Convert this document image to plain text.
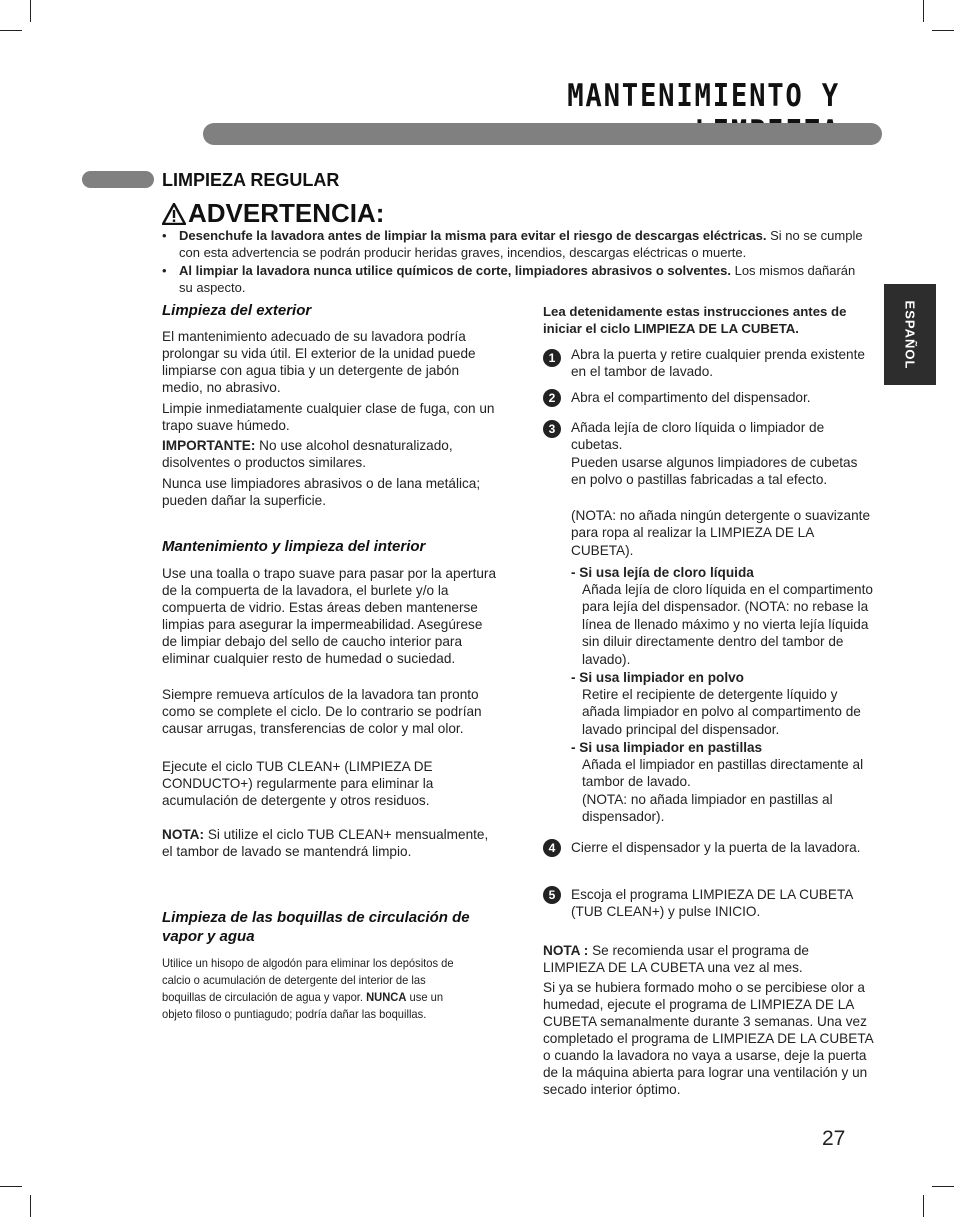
MANTENIMIENTO Y
LIMPIEZA REGULAR
ADVERTENCIA:
• Desenchufe la lavadora antes de limpiar la misma para evitar el riesgo de descargas eléctricas. Si no se cumple con esta advertencia se podrán producir heridas graves, incendios, descargas eléctricas o muerte.
• Al limpiar la lavadora nunca utilice químicos de corte, limpiadores abrasivos o solventes. Los mismos dañarán su aspecto.
ESPAÑOL
Limpieza del exterior
El mantenimiento adecuado de su lavadora podría prolongar su vida útil. El exterior de la unidad puede limpiarse con agua tibia y un detergente de jabón medio, no abrasivo.
Limpie inmediatamente cualquier clase de fuga, con un trapo suave húmedo.
IMPORTANTE: No use alcohol desnaturalizado, disolventes o productos similares.
Nunca use limpiadores abrasivos o de lana metálica; pueden dañar la superficie.
Mantenimiento y limpieza del interior
Use una toalla o trapo suave para pasar por la apertura de la compuerta de la lavadora, el burlete y/o la compuerta de vidrio. Estas áreas deben mantenerse limpias para asegurar la impermeabilidad. Asegúrese de limpiar debajo del sello de caucho interior para eliminar cualquier resto de humedad o suciedad.
Siempre remueva artículos de la lavadora tan pronto como se complete el ciclo. De lo contrario se podrían causar arrugas, transferencias de color y mal olor.
Ejecute el ciclo TUB CLEAN+ (LIMPIEZA DE CONDUCTO+) regularmente para eliminar la acumulación de detergente y otros residuos.
NOTA: Si utilize el ciclo TUB CLEAN+ mensualmente, el tambor de lavado se mantendrá limpio.
Limpieza de las boquillas de circulación de vapor y agua
Utilice un hisopo de algodón para eliminar los depósitos de calcio o acumulación de detergente del interior de las boquillas de circulación de agua y vapor. NUNCA use un objeto filoso o puntiagudo; podría dañar las boquillas.
Lea detenidamente estas instrucciones antes de iniciar el ciclo LIMPIEZA DE LA CUBETA.
1	Abra la puerta y retire cualquier prenda existente en el tambor de lavado.
2	Abra el compartimento del dispensador.
3	Añada lejía de cloro líquida o limpiador de cubetas.
Pueden usarse algunos limpiadores de cubetas en polvo o pastillas fabricadas a tal efecto.
(NOTA: no añada ningún detergente o suavizante para ropa al realizar la LIMPIEZA DE LA CUBETA).
- Si usa lejía de cloro líquida
Añada lejía de cloro líquida en el compartimento para lejía del dispensador. (NOTA: no rebase la línea de llenado máximo y no vierta lejía líquida sin diluir directamente dentro del tambor de lavado).
- Si usa limpiador en polvo
Retire el recipiente de detergente líquido y añada limpiador en polvo al compartimento de lavado principal del dispensador.
- Si usa limpiador en pastillas
Añada el limpiador en pastillas directamente al tambor de lavado.
(NOTA: no añada limpiador en pastillas al dispensador).
4	Cierre el dispensador y la puerta de la lavadora.
5	Escoja el programa LIMPIEZA DE LA CUBETA (TUB CLEAN+) y pulse INICIO.
NOTA : Se recomienda usar el programa de LIMPIEZA DE LA CUBETA una vez al mes.
Si ya se hubiera formado moho o se percibiese olor a humedad, ejecute el programa de LIMPIEZA DE LA CUBETA semanalmente durante 3 semanas. Una vez completado el programa de LIMPIEZA DE LA CUBETA o cuando la lavadora no vaya a usarse, deje la puerta de la máquina abierta para lograr una ventilación y un secado interior óptimo.
27
